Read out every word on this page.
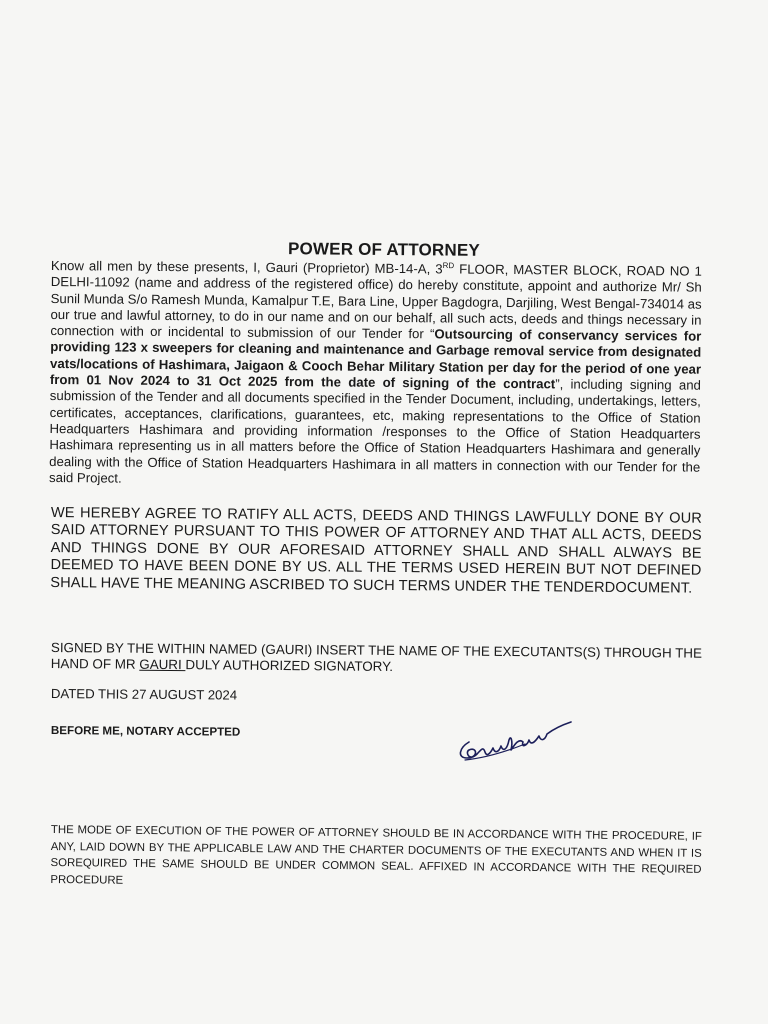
POWER OF ATTORNEY
Know all men by these presents, I, Gauri (Proprietor) MB-14-A, 3RD FLOOR, MASTER BLOCK, ROAD NO 1 DELHI-11092 (name and address of the registered office) do hereby constitute, appoint and authorize Mr/ Sh Sunil Munda S/o Ramesh Munda, Kamalpur T.E, Bara Line, Upper Bagdogra, Darjiling, West Bengal-734014 as our true and lawful attorney, to do in our name and on our behalf, all such acts, deeds and things necessary in connection with or incidental to submission of our Tender for “Outsourcing of conservancy services for providing 123 x sweepers for cleaning and maintenance and Garbage removal service from designated vats/locations of Hashimara, Jaigaon & Cooch Behar Military Station per day for the period of one year from 01 Nov 2024 to 31 Oct 2025 from the date of signing of the contract”, including signing and submission of the Tender and all documents specified in the Tender Document, including, undertakings, letters, certificates, acceptances, clarifications, guarantees, etc, making representations to the Office of Station Headquarters Hashimara and providing information /responses to the Office of Station Headquarters Hashimara representing us in all matters before the Office of Station Headquarters Hashimara and generally dealing with the Office of Station Headquarters Hashimara in all matters in connection with our Tender for the said Project.
WE HEREBY AGREE TO RATIFY ALL ACTS, DEEDS AND THINGS LAWFULLY DONE BY OUR SAID ATTORNEY PURSUANT TO THIS POWER OF ATTORNEY AND THAT ALL ACTS, DEEDS AND THINGS DONE BY OUR AFORESAID ATTORNEY SHALL AND SHALL ALWAYS BE DEEMED TO HAVE BEEN DONE BY US. ALL THE TERMS USED HEREIN BUT NOT DEFINED SHALL HAVE THE MEANING ASCRIBED TO SUCH TERMS UNDER THE TENDERDOCUMENT.
SIGNED BY THE WITHIN NAMED (GAURI) INSERT THE NAME OF THE EXECUTANTS(S) THROUGH THE HAND OF MR GAURI DULY AUTHORIZED SIGNATORY.
DATED THIS 27 AUGUST 2024
BEFORE ME, NOTARY ACCEPTED
THE MODE OF EXECUTION OF THE POWER OF ATTORNEY SHOULD BE IN ACCORDANCE WITH THE PROCEDURE, IF ANY, LAID DOWN BY THE APPLICABLE LAW AND THE CHARTER DOCUMENTS OF THE EXECUTANTS AND WHEN IT IS SOREQUIRED THE SAME SHOULD BE UNDER COMMON SEAL. AFFIXED IN ACCORDANCE WITH THE REQUIRED PROCEDURE
